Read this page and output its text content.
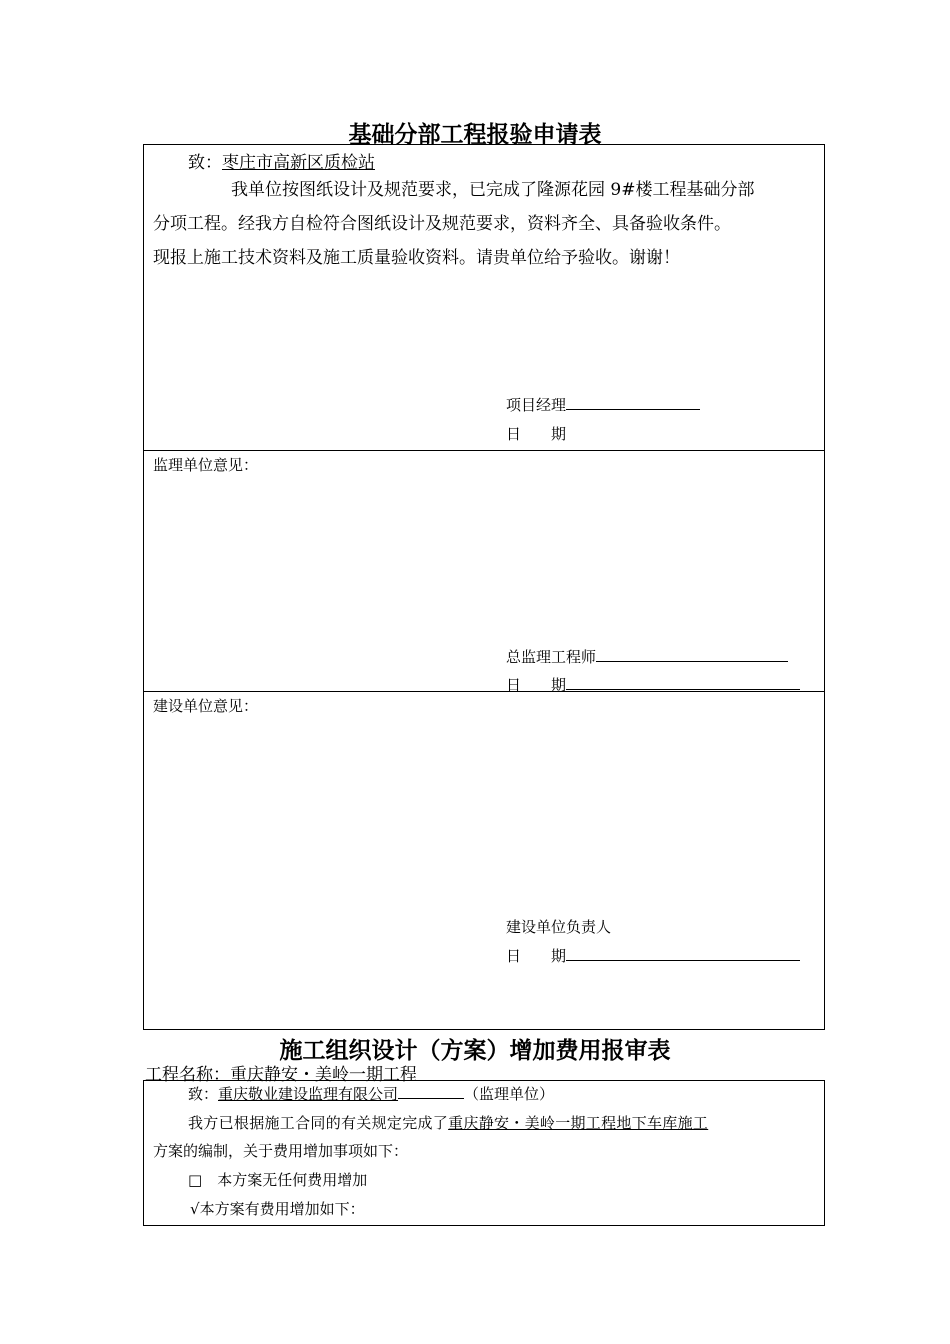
基础分部工程报验申请表
致：枣庄市高新区质检站
我单位按图纸设计及规范要求，已完成了隆源花园 9#楼工程基础分部
分项工程。经我方自检符合图纸设计及规范要求，资料齐全、具备验收条件。
现报上施工技术资料及施工质量验收资料。请贵单位给予验收。谢谢！
项目经理
日　　期
监理单位意见：
总监理工程师
日　　期
建设单位意见：
建设单位负责人
日　　期
施工组织设计（方案）增加费用报审表
工程名称：重庆静安・美岭一期工程
致：重庆敬业建设监理有限公司	（监理单位）
我方已根据施工合同的有关规定完成了重庆静安・美岭一期工程地下车库施工
方案的编制，关于费用增加事项如下：
□　 本方案无任何费用增加
√本方案有费用增加如下：
